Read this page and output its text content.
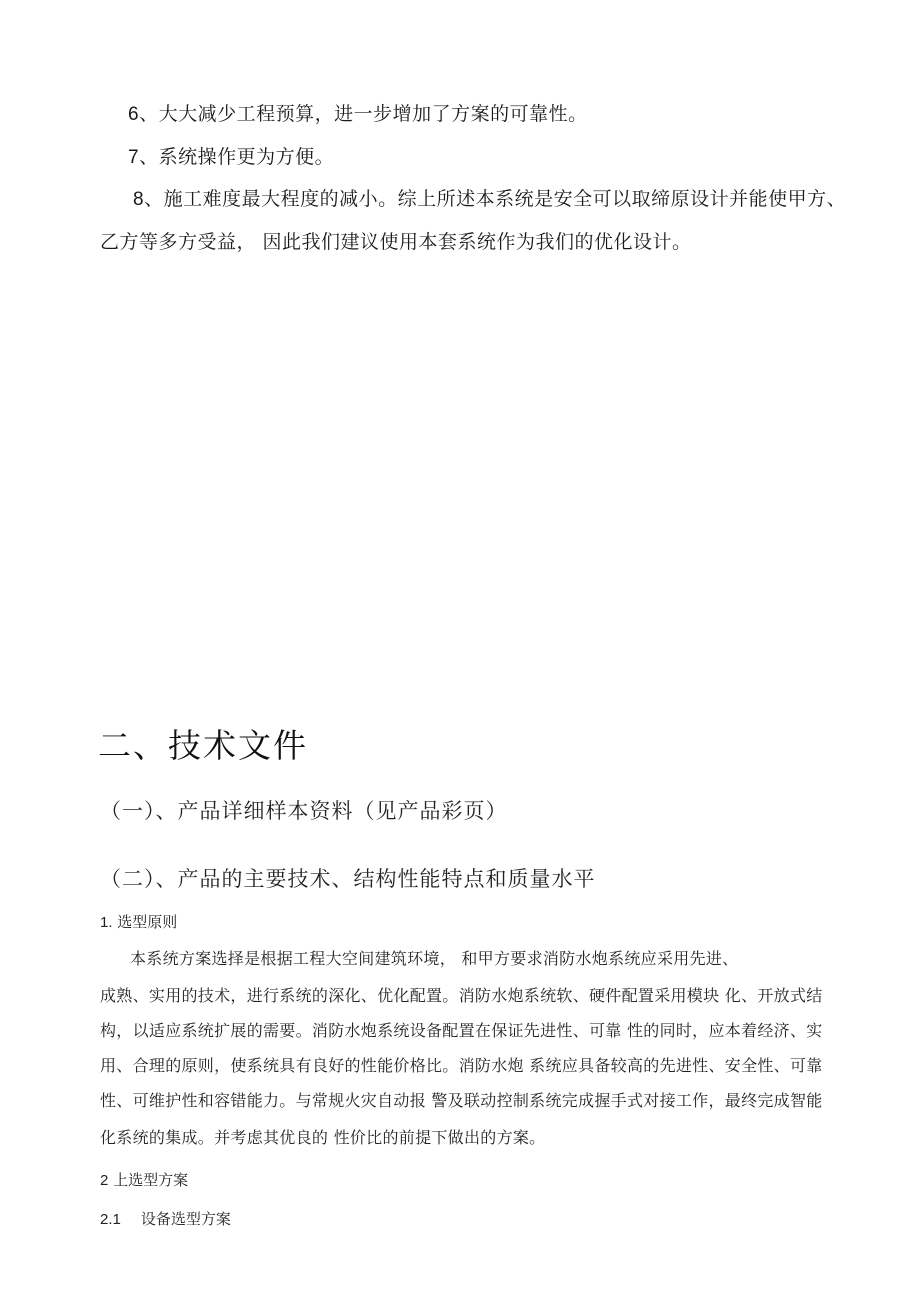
6、大大减少工程预算，进一步增加了方案的可靠性。
7、系统操作更为方便。
8、施工难度最大程度的减小。综上所述本系统是安全可以取缔原设计并能使甲方、
乙方等多方受益， 因此我们建议使用本套系统作为我们的优化设计。
二、技术文件
（一）、产品详细样本资料（见产品彩页）
（二）、产品的主要技术、结构性能特点和质量水平
1. 选型原则
本系统方案选择是根据工程大空间建筑环境， 和甲方要求消防水炮系统应采用先进、
成熟、实用的技术，进行系统的深化、优化配置。消防水炮系统软、硬件配置采用模块 化、开放式结
构，以适应系统扩展的需要。消防水炮系统设备配置在保证先进性、可靠 性的同时，应本着经济、实
用、合理的原则，使系统具有良好的性能价格比。消防水炮 系统应具备较高的先进性、安全性、可靠
性、可维护性和容错能力。与常规火灾自动报 警及联动控制系统完成握手式对接工作，最终完成智能
化系统的集成。并考虑其优良的 性价比的前提下做出的方案。
2 上选型方案
2.1 设备选型方案
